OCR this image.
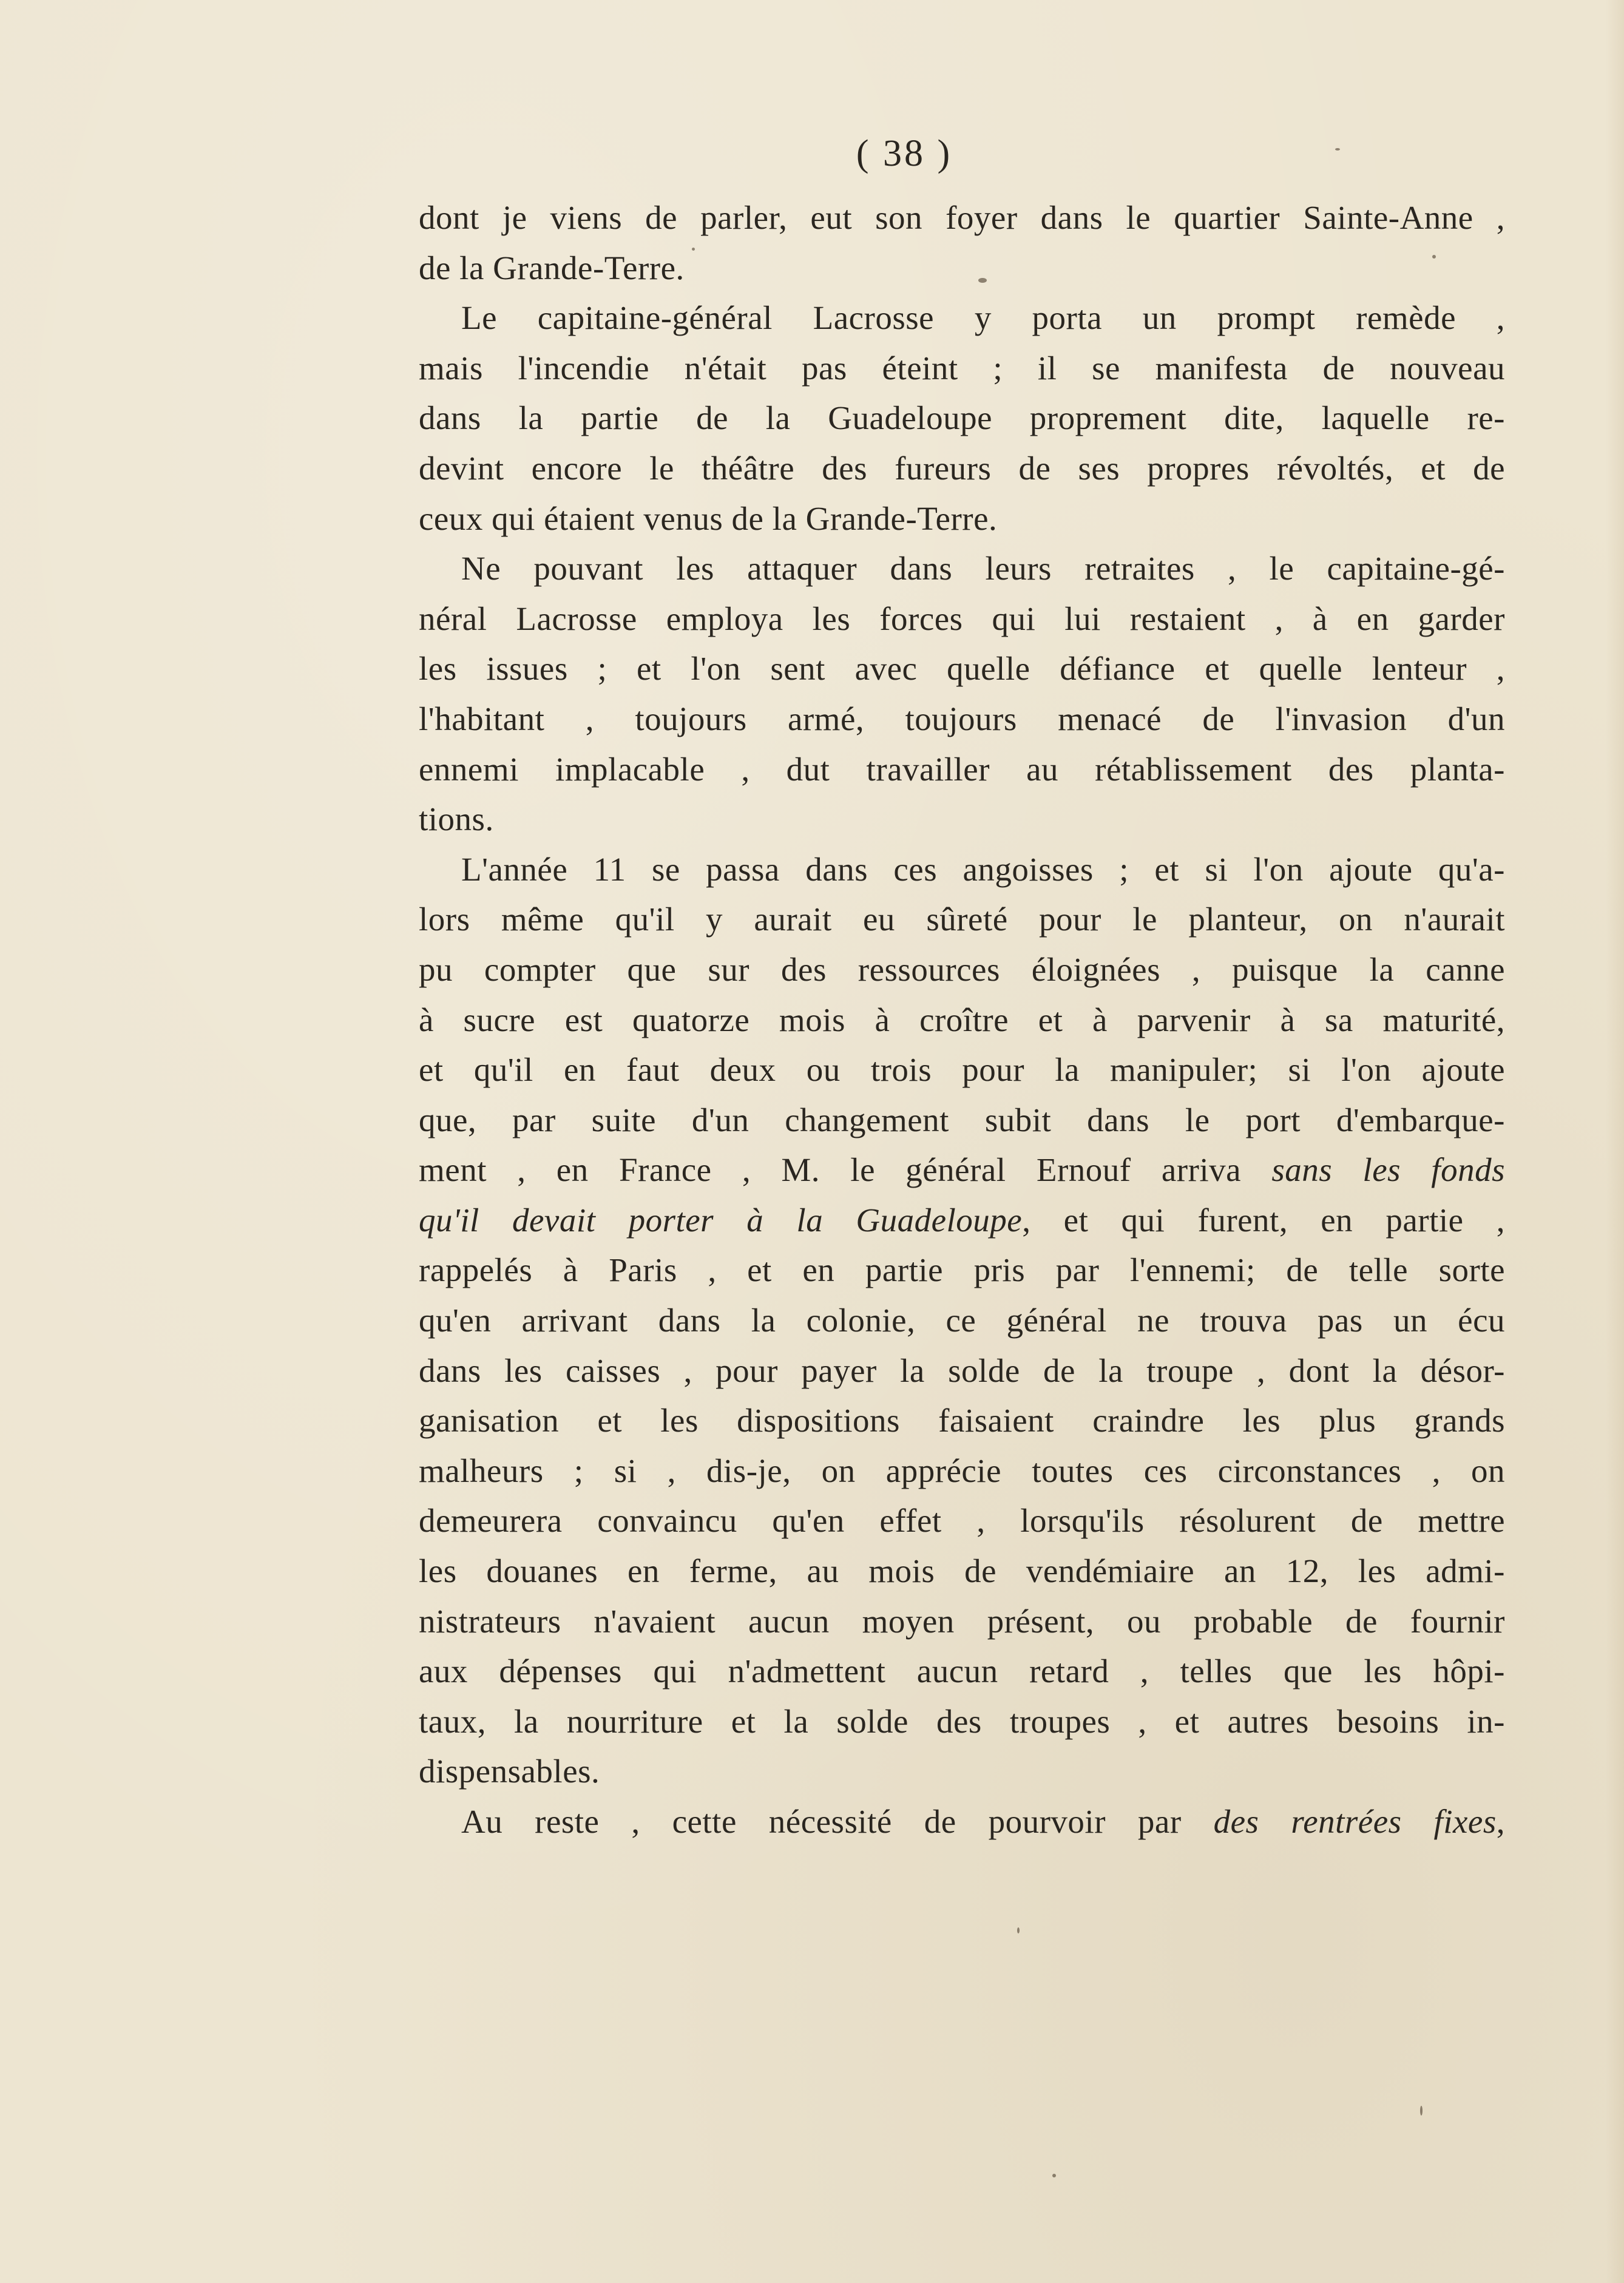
( 38 )
dont je viens de parler, eut son foyer dans le quartier Sainte-Anne ,
de la Grande-Terre.
Le capitaine-général Lacrosse y porta un prompt remède ,
mais l'incendie n'était pas éteint ; il se manifesta de nouveau
dans la partie de la Guadeloupe proprement dite, laquelle re-
devint encore le théâtre des fureurs de ses propres révoltés, et de
ceux qui étaient venus de la Grande-Terre.
Ne pouvant les attaquer dans leurs retraites , le capitaine-gé-
néral Lacrosse employa les forces qui lui restaient , à en garder
les issues ; et l'on sent avec quelle défiance et quelle lenteur ,
l'habitant , toujours armé, toujours menacé de l'invasion d'un
ennemi implacable , dut travailler au rétablissement des planta-
tions.
L'année 11 se passa dans ces angoisses ; et si l'on ajoute qu'a-
lors même qu'il y aurait eu sûreté pour le planteur, on n'aurait
pu compter que sur des ressources éloignées , puisque la canne
à sucre est quatorze mois à croître et à parvenir à sa maturité,
et qu'il en faut deux ou trois pour la manipuler; si l'on ajoute
que, par suite d'un changement subit dans le port d'embarque-
ment , en France , M. le général Ernouf arriva sans les fonds
qu'il devait porter à la Guadeloupe, et qui furent, en partie ,
rappelés à Paris , et en partie pris par l'ennemi; de telle sorte
qu'en arrivant dans la colonie, ce général ne trouva pas un écu
dans les caisses , pour payer la solde de la troupe , dont la désor-
ganisation et les dispositions faisaient craindre les plus grands
malheurs ; si , dis-je, on apprécie toutes ces circonstances , on
demeurera convaincu qu'en effet , lorsqu'ils résolurent de mettre
les douanes en ferme, au mois de vendémiaire an 12, les admi-
nistrateurs n'avaient aucun moyen présent, ou probable de fournir
aux dépenses qui n'admettent aucun retard , telles que les hôpi-
taux, la nourriture et la solde des troupes , et autres besoins in-
dispensables.
Au reste , cette nécessité de pourvoir par des rentrées fixes,
